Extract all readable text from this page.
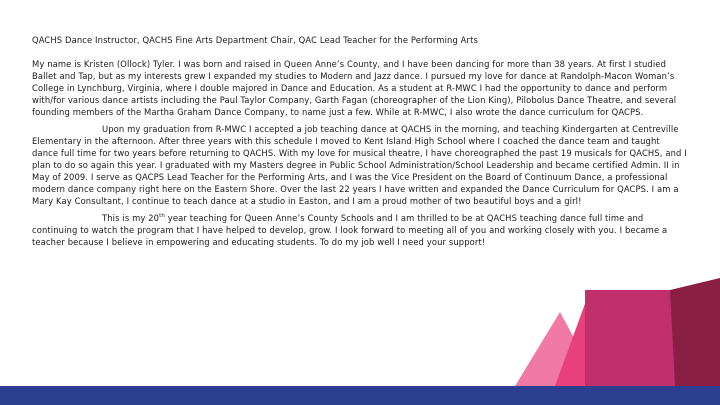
QACHS Dance Instructor, QACHS Fine Arts Department Chair, QAC Lead Teacher for the Performing Arts

My name is Kristen (Ollock) Tyler. I was born and raised in Queen Anne’s County, and I have been dancing for more than 38 years. At first I studied Ballet and Tap, but as my interests grew I expanded my studies to Modern and Jazz dance. I pursued my love for dance at Randolph-Macon Woman’s College in Lynchburg, Virginia, where I double majored in Dance and Education. As a student at R-MWC I had the opportunity to dance and perform with/for various dance artists including the Paul Taylor Company, Garth Fagan (choreographer of the Lion King), Pilobolus Dance Theatre, and several founding members of the Martha Graham Dance Company, to name just a few. While at R-MWC, I also wrote the dance curriculum for QACPS.

Upon my graduation from R-MWC I accepted a job teaching dance at QACHS in the morning, and teaching Kindergarten at Centreville Elementary in the afternoon. After three years with this schedule I moved to Kent Island High School where I coached the dance team and taught dance full time for two years before returning to QACHS. With my love for musical theatre, I have choreographed the past 19 musicals for QACHS, and I plan to do so again this year. I graduated with my Masters degree in Public School Administration/School Leadership and became certified Admin. II in May of 2009. I serve as QACPS Lead Teacher for the Performing Arts, and I was the Vice President on the Board of Continuum Dance, a professional modern dance company right here on the Eastern Shore. Over the last 22 years I have written and expanded the Dance Curriculum for QACPS. I am a Mary Kay Consultant, I continue to teach dance at a studio in Easton, and I am a proud mother of two beautiful boys and a girl!

This is my 20th year teaching for Queen Anne’s County Schools and I am thrilled to be at QACHS teaching dance full time and continuing to watch the program that I have helped to develop, grow. I look forward to meeting all of you and working closely with you. I became a teacher because I believe in empowering and educating students. To do my job well I need your support!
